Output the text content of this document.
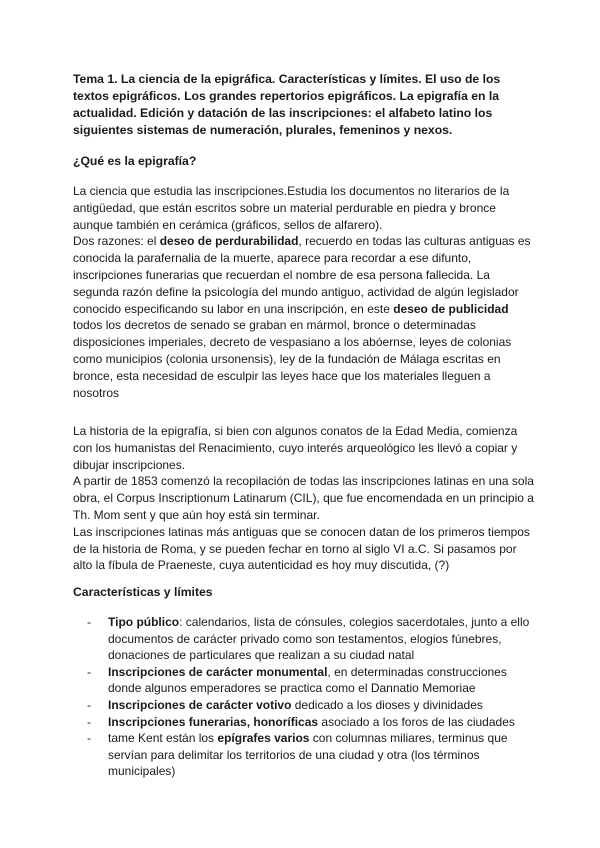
Tema 1. La ciencia de la epigráfica. Características y límites. El uso de los textos epigráficos. Los grandes repertorios epigráficos. La epigrafía en la actualidad. Edición y datación de las inscripciones: el alfabeto latino los siguientes sistemas de numeración, plurales, femeninos y nexos.
¿Qué es la epigrafía?
La ciencia que estudia las inscripciones.Estudia los documentos no literarios de la antigüedad, que están escritos sobre un material perdurable en piedra y bronce aunque también en cerámica (gráficos, sellos de alfarero).
Dos razones: el deseo de perdurabilidad, recuerdo en todas las culturas antiguas es conocida la parafernalia de la muerte, aparece para recordar a ese difunto, inscripciones funerarias que recuerdan el nombre de esa persona fallecida. La segunda razón define la psicología del mundo antiguo, actividad de algún legislador conocido especificando su labor en una inscripción, en este deseo de publicidad todos los decretos de senado se graban en mármol, bronce o determinadas disposiciones imperiales, decreto de vespasiano a los abóernse, leyes de colonias como municipios (colonia ursonensis), ley de la fundación de Málaga escritas en bronce, esta necesidad de esculpir las leyes hace que los materiales lleguen a nosotros
La historia de la epigrafía, si bien con algunos conatos de la Edad Media, comienza con los humanistas del Renacimiento, cuyo interés arqueológico les llevó a copiar y dibujar inscripciones.
A partir de 1853 comenzó la recopilación de todas las inscripciones latinas en una sola obra, el Corpus Inscriptionum Latinarum (CIL), que fue encomendada en un principio a Th. Mom sent y que aún hoy está sin terminar.
Las inscripciones latinas más antiguas que se conocen datan de los primeros tiempos de la historia de Roma, y se pueden fechar en torno al siglo VI a.C. Si pasamos por alto la fíbula de Praeneste, cuya autenticidad es hoy muy discutida, (?)
Características y límites
- Tipo público: calendarios, lista de cónsules, colegios sacerdotales, junto a ello documentos de carácter privado como son testamentos, elogios fúnebres, donaciones de particulares que realizan a su ciudad natal
- Inscripciones de carácter monumental, en determinadas construcciones donde algunos emperadores se practica como el Dannatio Memoriae
- Inscripciones de carácter votivo dedicado a los dioses y divinidades
- Inscripciones funerarias, honoríficas asociado a los foros de las ciudades
- tame Kent están los epígrafes varios con columnas miliares, terminus que servían para delimitar los territorios de una ciudad y otra (los términos municipales)
